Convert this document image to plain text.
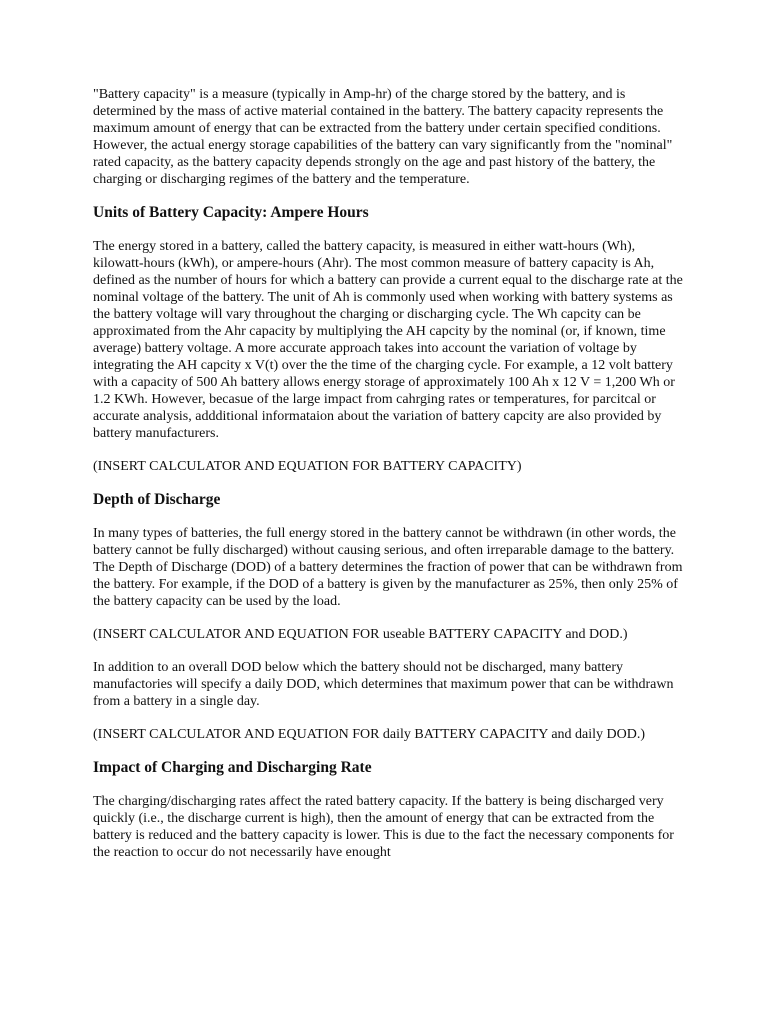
"Battery capacity" is a measure (typically in Amp-hr) of the charge stored by the battery, and is determined by the mass of active material contained in the battery. The battery capacity represents the maximum amount of energy that can be extracted from the battery under certain specified conditions. However, the actual energy storage capabilities of the battery can vary significantly from the "nominal" rated capacity, as the battery capacity depends strongly on the age and past history of the battery, the charging or discharging regimes of the battery and the temperature.

Units of Battery Capacity: Ampere Hours

The energy stored in a battery, called the battery capacity, is measured in either watt-hours (Wh), kilowatt-hours (kWh), or ampere-hours (Ahr). The most common measure of battery capacity is Ah, defined as the number of hours for which a battery can provide a current equal to the discharge rate at the nominal voltage of the battery. The unit of Ah is commonly used when working with battery systems as the battery voltage will vary throughout the charging or discharging cycle. The Wh capcity can be approximated from the Ahr capacity by multiplying the AH capcity by the nominal (or, if known, time average) battery voltage. A more accurate approach takes into account the variation of voltage by integrating the AH capcity x V(t) over the the time of the charging cycle. For example, a 12 volt battery with a capacity of 500 Ah battery allows energy storage of approximately 100 Ah x 12 V = 1,200 Wh or 1.2 KWh. However, becasue of the large impact from cahrging rates or temperatures, for parcitcal or accurate analysis, addditional informataion about the variation of battery capcity are also provided by battery manufacturers.

(INSERT CALCULATOR AND EQUATION FOR BATTERY CAPACITY)

Depth of Discharge

In many types of batteries, the full energy stored in the battery cannot be withdrawn (in other words, the battery cannot be fully discharged) without causing serious, and often irreparable damage to the battery. The Depth of Discharge (DOD) of a battery determines the fraction of power that can be withdrawn from the battery. For example, if the DOD of a battery is given by the manufacturer as 25%, then only 25% of the battery capacity can be used by the load.

(INSERT CALCULATOR AND EQUATION FOR useable BATTERY CAPACITY and DOD.)

In addition to an overall DOD below which the battery should not be discharged, many battery manufactories will specify a daily DOD, which determines that maximum power that can be withdrawn from a battery in a single day.

(INSERT CALCULATOR AND EQUATION FOR daily BATTERY CAPACITY and daily DOD.)

Impact of Charging and Discharging Rate

The charging/discharging rates affect the rated battery capacity. If the battery is being discharged very quickly (i.e., the discharge current is high), then the amount of energy that can be extracted from the battery is reduced and the battery capacity is lower. This is due to the fact the necessary components for the reaction to occur do not necessarily have enought
